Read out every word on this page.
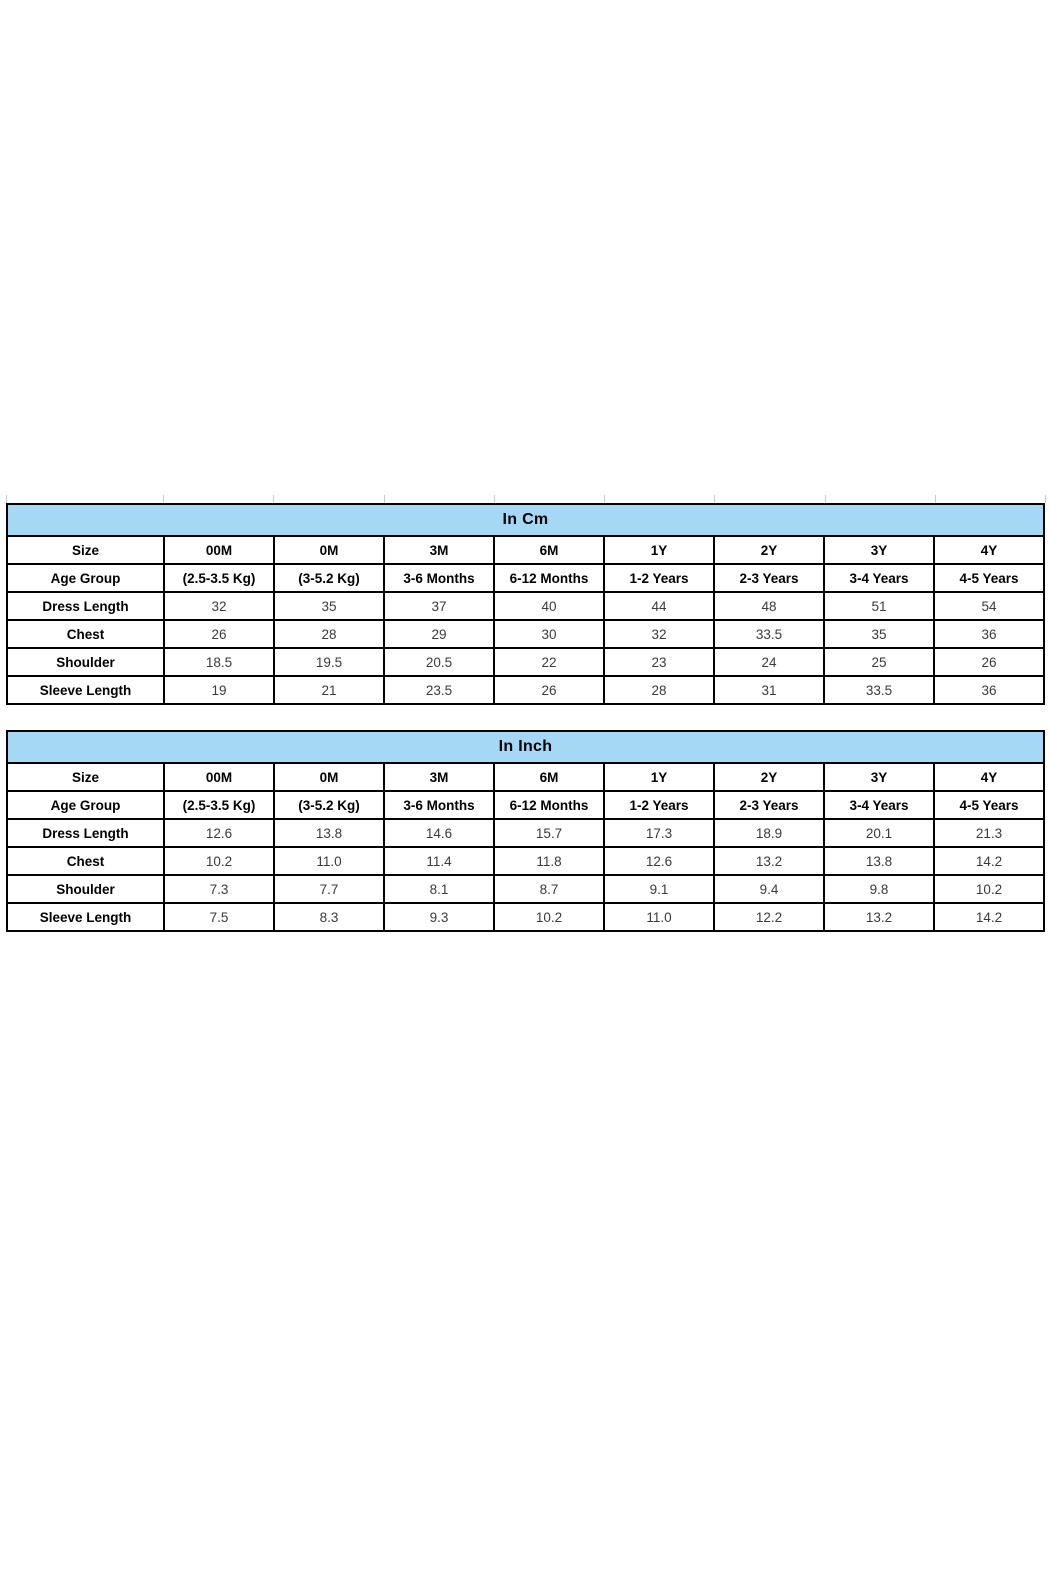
In Cm								
Size	00M	0M	3M	6M	1Y	2Y	3Y	4Y
Age Group	(2.5-3.5 Kg)	(3-5.2 Kg)	3-6 Months	6-12 Months	1-2 Years	2-3 Years	3-4 Years	4-5 Years
Dress Length	32	35	37	40	44	48	51	54
Chest	26	28	29	30	32	33.5	35	36
Shoulder	18.5	19.5	20.5	22	23	24	25	26
Sleeve Length	19	21	23.5	26	28	31	33.5	36
In Inch								
Size	00M	0M	3M	6M	1Y	2Y	3Y	4Y
Age Group	(2.5-3.5 Kg)	(3-5.2 Kg)	3-6 Months	6-12 Months	1-2 Years	2-3 Years	3-4 Years	4-5 Years
Dress Length	12.6	13.8	14.6	15.7	17.3	18.9	20.1	21.3
Chest	10.2	11.0	11.4	11.8	12.6	13.2	13.8	14.2
Shoulder	7.3	7.7	8.1	8.7	9.1	9.4	9.8	10.2
Sleeve Length	7.5	8.3	9.3	10.2	11.0	12.2	13.2	14.2
